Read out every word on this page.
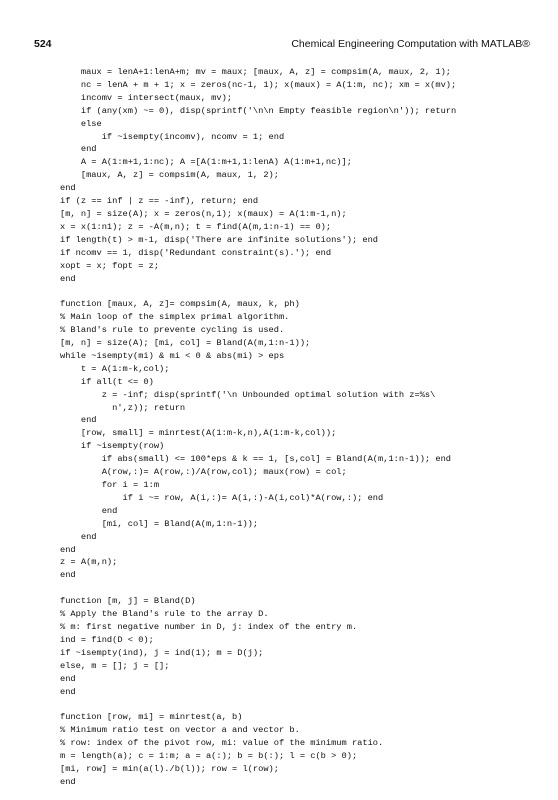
524	Chemical Engineering Computation with MATLAB®
maux = lenA+1:lenA+m; mv = maux; [maux, A, z] = compsim(A, maux, 2, 1);
nc = lenA + m + 1; x = zeros(nc-1, 1); x(maux) = A(1:m, nc); xm = x(mv);
incomv = intersect(maux, mv);
if (any(xm) ~= 0), disp(sprintf('\n\n Empty feasible region\n')); return
else
if ~isempty(incomv), ncomv = 1; end
end
A = A(1:m+1,1:nc); A =[A(1:m+1,1:lenA) A(1:m+1,nc)];
[maux, A, z] = compsim(A, maux, 1, 2);
end
if (z == inf | z == -inf), return; end
[m, n] = size(A); x = zeros(n,1); x(maux) = A(1:m-1,n);
x = x(1:n1); z = -A(m,n); t = find(A(m,1:n-1) == 0);
if length(t) > m-1, disp('There are infinite solutions'); end
if ncomv == 1, disp('Redundant constraint(s).'); end
xopt = x; fopt = z;
end
function [maux, A, z]= compsim(A, maux, k, ph)
% Main loop of the simplex primal algorithm.
% Bland's rule to prevente cycling is used.
[m, n] = size(A); [mi, col] = Bland(A(m,1:n-1));
while ~isempty(mi) & mi < 0 & abs(mi) > eps
t = A(1:m-k,col);
if all(t <= 0)
z = -inf; disp(sprintf('\n Unbounded optimal solution with z=%s\
n',z)); return
end
[row, small] = minrtest(A(1:m-k,n),A(1:m-k,col));
if ~isempty(row)
if abs(small) <= 100*eps & k == 1, [s,col] = Bland(A(m,1:n-1)); end
A(row,:)= A(row,:)/A(row,col); maux(row) = col;
for i = 1:m
if i ~= row, A(i,:)= A(i,:)-A(i,col)*A(row,:); end
end
[mi, col] = Bland(A(m,1:n-1));
end
end
z = A(m,n);
end
function [m, j] = Bland(D)
% Apply the Bland's rule to the array D.
% m: first negative number in D, j: index of the entry m.
ind = find(D < 0);
if ~isempty(ind), j = ind(1); m = D(j);
else, m = []; j = [];
end
end
function [row, mi] = minrtest(a, b)
% Minimum ratio test on vector a and vector b.
% row: index of the pivot row, mi: value of the minimum ratio.
m = length(a); c = 1:m; a = a(:); b = b(:); l = c(b > 0);
[mi, row] = min(a(l)./b(l)); row = l(row);
end
